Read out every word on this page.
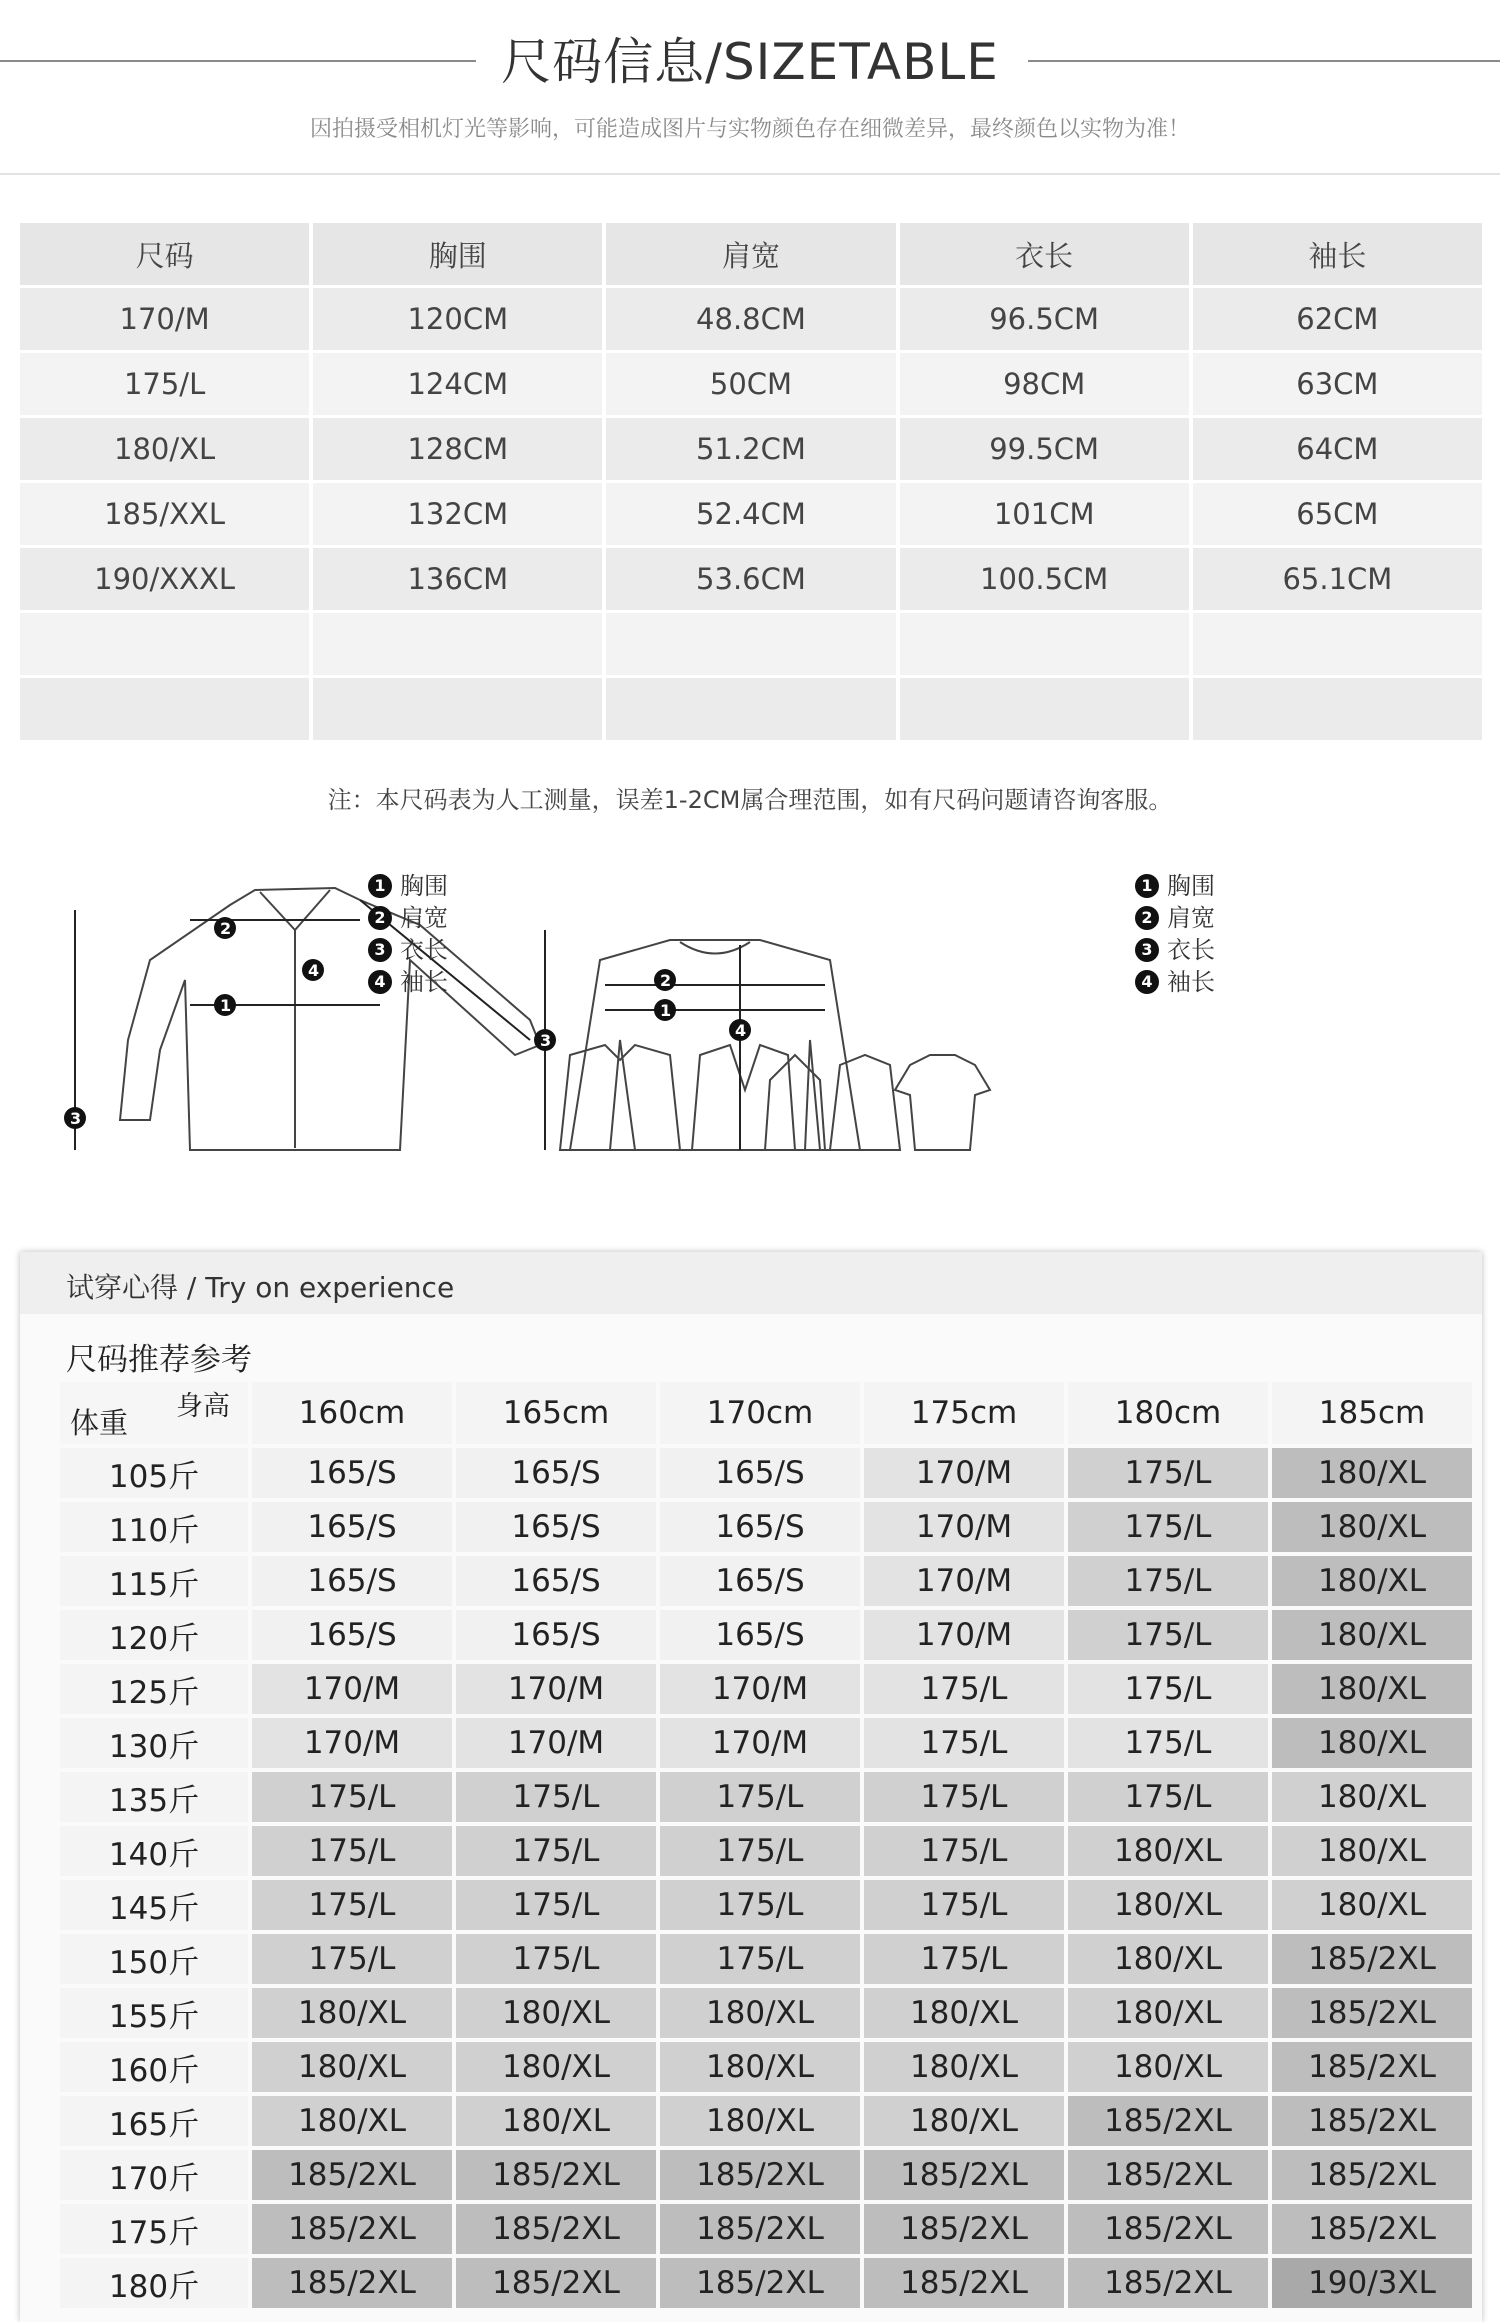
尺码信息/SIZETABLE
因拍摄受相机灯光等影响，可能造成图片与实物颜色存在细微差异，最终颜色以实物为准！
尺码	胸围	肩宽	衣长	袖长
170/M	120CM	48.8CM	96.5CM	62CM
175/L	124CM	50CM	98CM	63CM
180/XL	128CM	51.2CM	99.5CM	64CM
185/XXL	132CM	52.4CM	101CM	65CM
190/XXXL	136CM	53.6CM	100.5CM	65.1CM

注：本尺码表为人工测量，误差1-2CM属合理范围，如有尺码问题请咨询客服。
3
2
1
4
3
2
1
4
1 胸围
2 肩宽
3 衣长
4 袖长
1 胸围
2 肩宽
3 衣长
4 袖长
试穿心得 / Try on experience
尺码推荐参考
体重 身高	160cm	165cm	170cm	175cm	180cm	185cm
105斤	165/S	165/S	165/S	170/M	175/L	180/XL
110斤	165/S	165/S	165/S	170/M	175/L	180/XL
115斤	165/S	165/S	165/S	170/M	175/L	180/XL
120斤	165/S	165/S	165/S	170/M	175/L	180/XL
125斤	170/M	170/M	170/M	175/L	175/L	180/XL
130斤	170/M	170/M	170/M	175/L	175/L	180/XL
135斤	175/L	175/L	175/L	175/L	175/L	180/XL
140斤	175/L	175/L	175/L	175/L	180/XL	180/XL
145斤	175/L	175/L	175/L	175/L	180/XL	180/XL
150斤	175/L	175/L	175/L	175/L	180/XL	185/2XL
155斤	180/XL	180/XL	180/XL	180/XL	180/XL	185/2XL
160斤	180/XL	180/XL	180/XL	180/XL	180/XL	185/2XL
165斤	180/XL	180/XL	180/XL	180/XL	185/2XL	185/2XL
170斤	185/2XL	185/2XL	185/2XL	185/2XL	185/2XL	185/2XL
175斤	185/2XL	185/2XL	185/2XL	185/2XL	185/2XL	185/2XL
180斤	185/2XL	185/2XL	185/2XL	185/2XL	185/2XL	190/3XL
